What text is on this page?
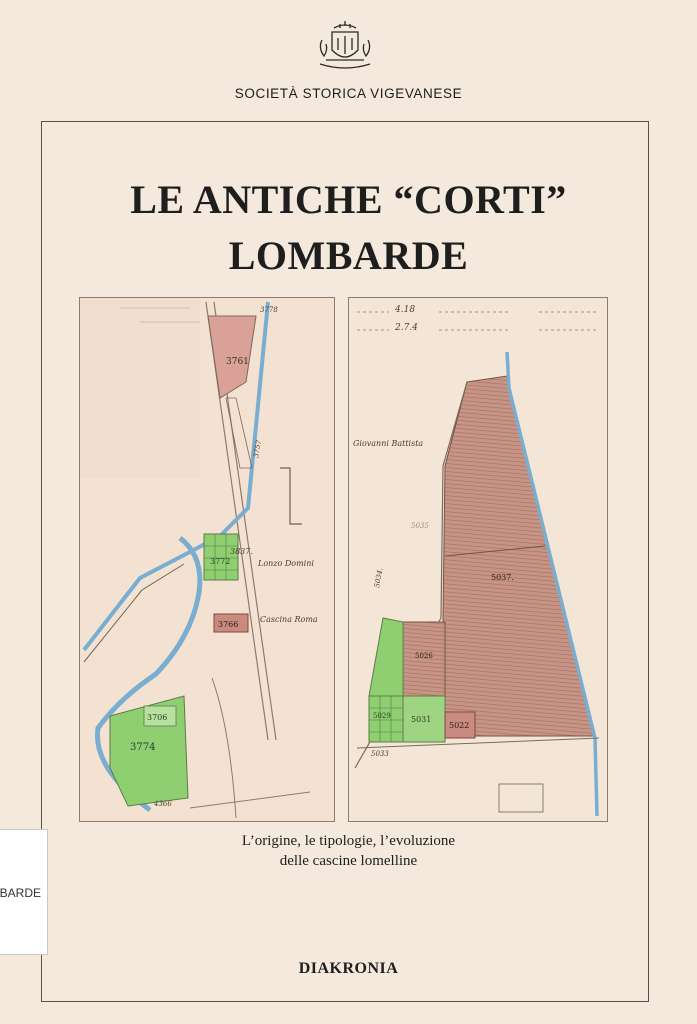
SOCIETÀ STORICA VIGEVANESE
LE ANTICHE “CORTI”
LOMBARDE
3761
3772
3766
3706
3774
3837.
Lonzo Domini
Cascina Roma
3778
3757
4366
4.18
2.7.4
5037.
5026
5029	5031
5022
Giovanni Battista
5034.
5035
5033
L’origine, le tipologie, l’evoluzione
delle cascine lomelline
DIAKRONIA
BARDE
